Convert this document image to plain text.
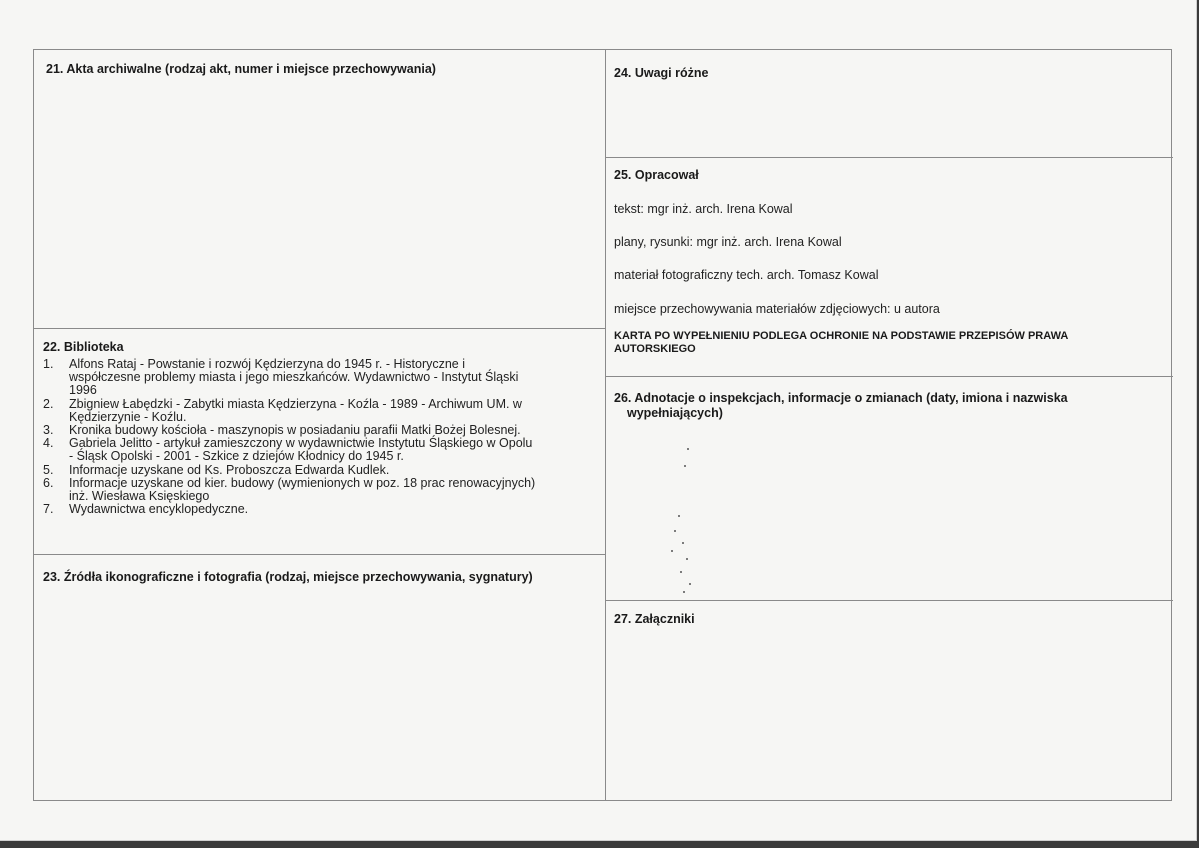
21. Akta archiwalne (rodzaj akt, numer i miejsce przechowywania)
22. Biblioteka
1. Alfons Rataj - Powstanie i rozwój Kędzierzyna do 1945 r. - Historyczne i
współczesne problemy miasta i jego mieszkańców. Wydawnictwo - Instytut Śląski
1996
2. Zbigniew Łabędzki - Zabytki miasta Kędzierzyna - Koźla - 1989 - Archiwum UM. w
Kędzierzynie - Koźlu.
3. Kronika budowy kościoła - maszynopis w posiadaniu parafii Matki Bożej Bolesnej.
4. Gabriela Jelitto - artykuł zamieszczony w wydawnictwie Instytutu Śląskiego w Opolu
- Śląsk Opolski - 2001 - Szkice z dziejów Kłodnicy do 1945 r.
5. Informacje uzyskane od Ks. Proboszcza Edwarda Kudlek.
6. Informacje uzyskane od kier. budowy (wymienionych w poz. 18 prac renowacyjnych)
inż. Wiesława Księskiego
7. Wydawnictwa encyklopedyczne.
23. Źródła ikonograficzne i fotografia (rodzaj, miejsce przechowywania, sygnatury)
24. Uwagi różne
25. Opracował
tekst: mgr inż. arch. Irena Kowal
plany, rysunki: mgr inż. arch. Irena Kowal
materiał fotograficzny tech. arch. Tomasz Kowal
miejsce przechowywania materiałów zdjęciowych: u autora
KARTA PO WYPEŁNIENIU PODLEGA OCHRONIE NA PODSTAWIE PRZEPISÓW PRAWA
AUTORSKIEGO
26. Adnotacje o inspekcjach, informacje o zmianach (daty, imiona i nazwiska
wypełniających)
27. Załączniki
